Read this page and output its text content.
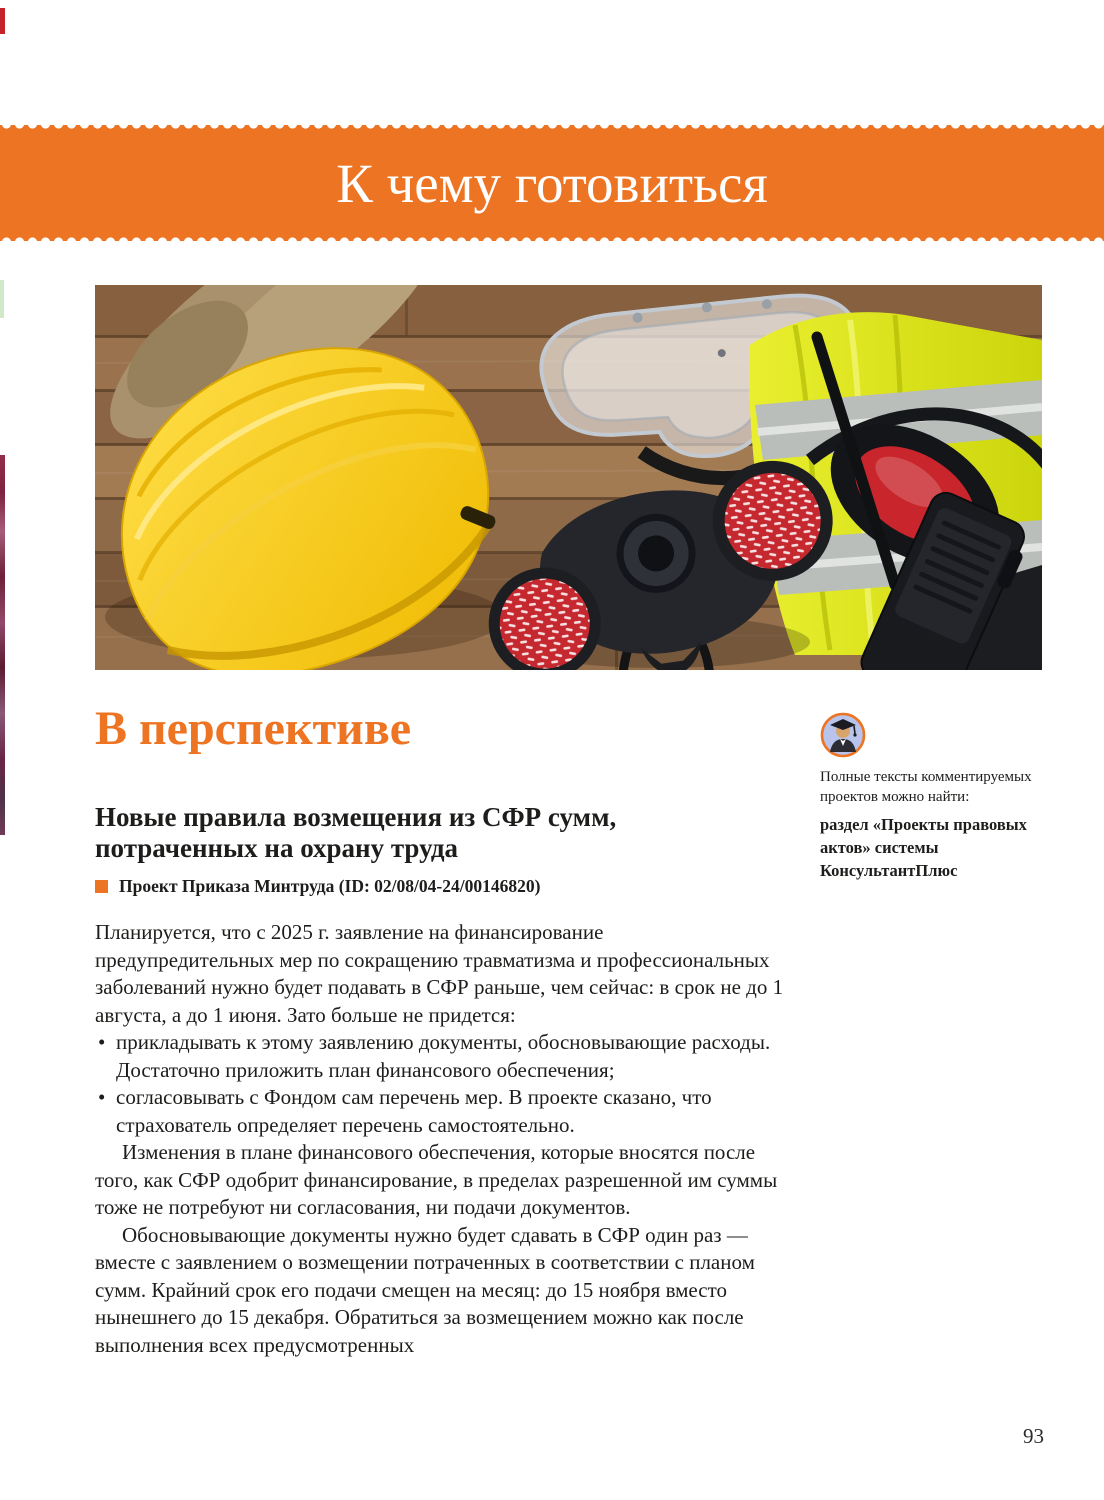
К чему готовиться
В перспективе
Полные тексты комментируемых проектов можно найти:
раздел «Проекты правовых актов» системы КонсультантПлюс
Новые правила возмещения из СФР сумм, потраченных на охрану труда
Проект Приказа Минтруда (ID: 02/08/04-24/00146820)

Планируется, что с 2025 г. заявление на финансирование предупредительных мер по сокращению травматизма и профессиональных заболеваний нужно будет подавать в СФР раньше, чем сейчас: в срок не до 1 августа, а до 1 июня. Зато больше не придется:

• прикладывать к этому заявлению документы, обосновывающие расходы. Достаточно приложить план финансового обеспечения;
• согласовывать с Фондом сам перечень мер. В проекте сказано, что страхователь определяет перечень самостоятельно.

Изменения в плане финансового обеспечения, которые вносятся после того, как СФР одобрит финансирование, в пределах разрешенной им суммы тоже не потребуют ни согласования, ни подачи документов.

Обосновывающие документы нужно будет сдавать в СФР один раз — вместе с заявлением о возмещении потраченных в соответствии с планом сумм. Крайний срок его подачи смещен на месяц: до 15 ноября вместо нынешнего до 15 декабря. Обратиться за возмещением можно как после выполнения всех предусмотренных

93
